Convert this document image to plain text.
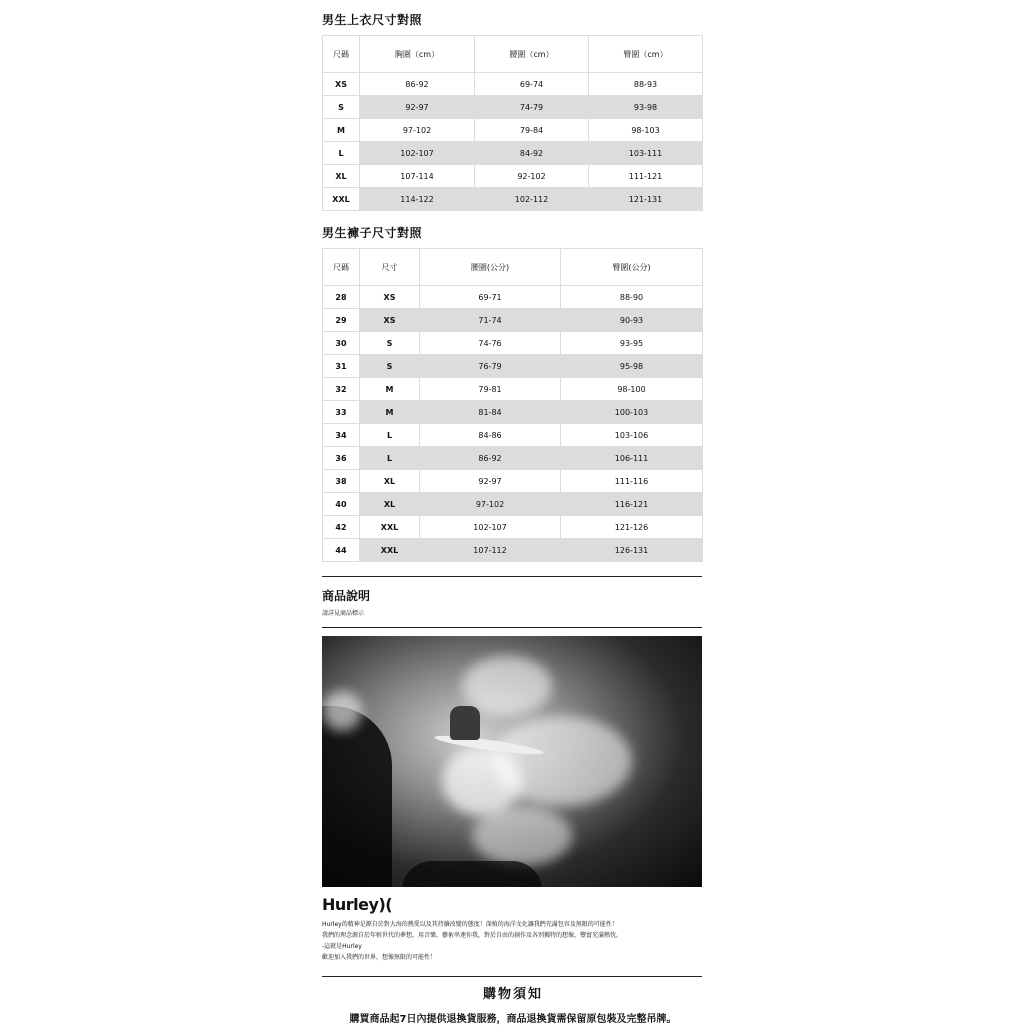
男生上衣尺寸對照
尺碼	胸圍（cm）	腰圍（cm）	臀圍（cm）
XS	86-92	69-74	88-93
S	92-97	74-79	93-98
M	97-102	79-84	98-103
L	102-107	84-92	103-111
XL	107-114	92-102	111-121
XXL	114-122	102-112	121-131
男生褲子尺寸對照
尺碼	尺寸	腰圍(公分)	臀圍(公分)
28	XS	69-71	88-90
29	XS	71-74	90-93
30	S	74-76	93-95
31	S	76-79	95-98
32	M	79-81	98-100
33	M	81-84	100-103
34	L	84-86	103-106
36	L	86-92	106-111
38	XL	92-97	111-116
40	XL	97-102	116-121
42	XXL	102-107	121-126
44	XXL	107-112	126-131
商品說明
請詳見商品標示
Hurley)(
Hurley的精神是源自於對大海的熱愛以及其持續改變的態度！深植的海洋文化讓我們充滿包容及無限的可能性！
我們的理念源自於年輕世代的夢想，用音樂、藝術串連你我，對於自由的創作及各別獨特的想像，豐富充滿熱忱。
-這就是Hurley
歡迎加入我們的世界，想像無限的可能性！
購物須知
購買商品起7日內提供退換貨服務，商品退換貨需保留原包裝及完整吊牌。
